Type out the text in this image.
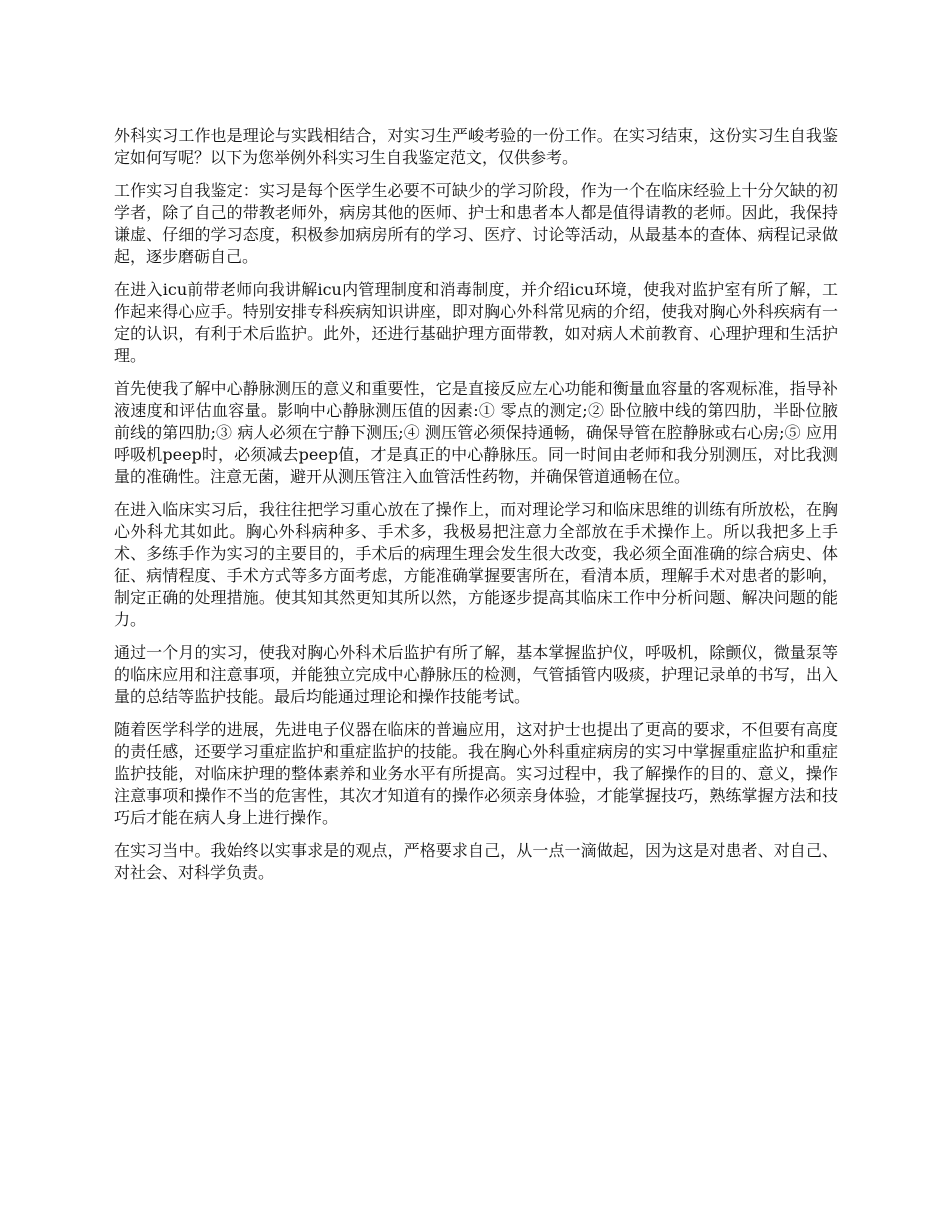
外科实习工作也是理论与实践相结合，对实习生严峻考验的一份工作。在实习结束，这份实习生自我鉴定如何写呢？以下为您举例外科实习生自我鉴定范文，仅供参考。

工作实习自我鉴定：实习是每个医学生必要不可缺少的学习阶段，作为一个在临床经验上十分欠缺的初学者，除了自己的带教老师外，病房其他的医师、护士和患者本人都是值得请教的老师。因此，我保持谦虚、仔细的学习态度，积极参加病房所有的学习、医疗、讨论等活动，从最基本的查体、病程记录做起，逐步磨砺自己。

在进入icu前带老师向我讲解icu内管理制度和消毒制度，并介绍icu环境，使我对监护室有所了解，工作起来得心应手。特别安排专科疾病知识讲座，即对胸心外科常见病的介绍，使我对胸心外科疾病有一定的认识，有利于术后监护。此外，还进行基础护理方面带教，如对病人术前教育、心理护理和生活护理。

首先使我了解中心静脉测压的意义和重要性，它是直接反应左心功能和衡量血容量的客观标准，指导补液速度和评估血容量。影响中心静脉测压值的因素:① 零点的测定;② 卧位腋中线的第四肋，半卧位腋前线的第四肋;③ 病人必须在宁静下测压;④ 测压管必须保持通畅，确保导管在腔静脉或右心房;⑤ 应用呼吸机peep时，必须减去peep值，才是真正的中心静脉压。同一时间由老师和我分别测压，对比我测量的准确性。注意无菌，避开从测压管注入血管活性药物，并确保管道通畅在位。

在进入临床实习后，我往往把学习重心放在了操作上，而对理论学习和临床思维的训练有所放松，在胸心外科尤其如此。胸心外科病种多、手术多，我极易把注意力全部放在手术操作上。所以我把多上手术、多练手作为实习的主要目的，手术后的病理生理会发生很大改变，我必须全面准确的综合病史、体征、病情程度、手术方式等多方面考虑，方能准确掌握要害所在，看清本质，理解手术对患者的影响，制定正确的处理措施。使其知其然更知其所以然，方能逐步提高其临床工作中分析问题、解决问题的能力。

通过一个月的实习，使我对胸心外科术后监护有所了解，基本掌握监护仪，呼吸机，除颤仪，微量泵等的临床应用和注意事项，并能独立完成中心静脉压的检测，气管插管内吸痰，护理记录单的书写，出入量的总结等监护技能。最后均能通过理论和操作技能考试。

随着医学科学的进展，先进电子仪器在临床的普遍应用，这对护士也提出了更高的要求，不但要有高度的责任感，还要学习重症监护和重症监护的技能。我在胸心外科重症病房的实习中掌握重症监护和重症监护技能，对临床护理的整体素养和业务水平有所提高。实习过程中，我了解操作的目的、意义，操作注意事项和操作不当的危害性，其次才知道有的操作必须亲身体验，才能掌握技巧，熟练掌握方法和技巧后才能在病人身上进行操作。

在实习当中。我始终以实事求是的观点，严格要求自己，从一点一滴做起，因为这是对患者、对自己、对社会、对科学负责。
